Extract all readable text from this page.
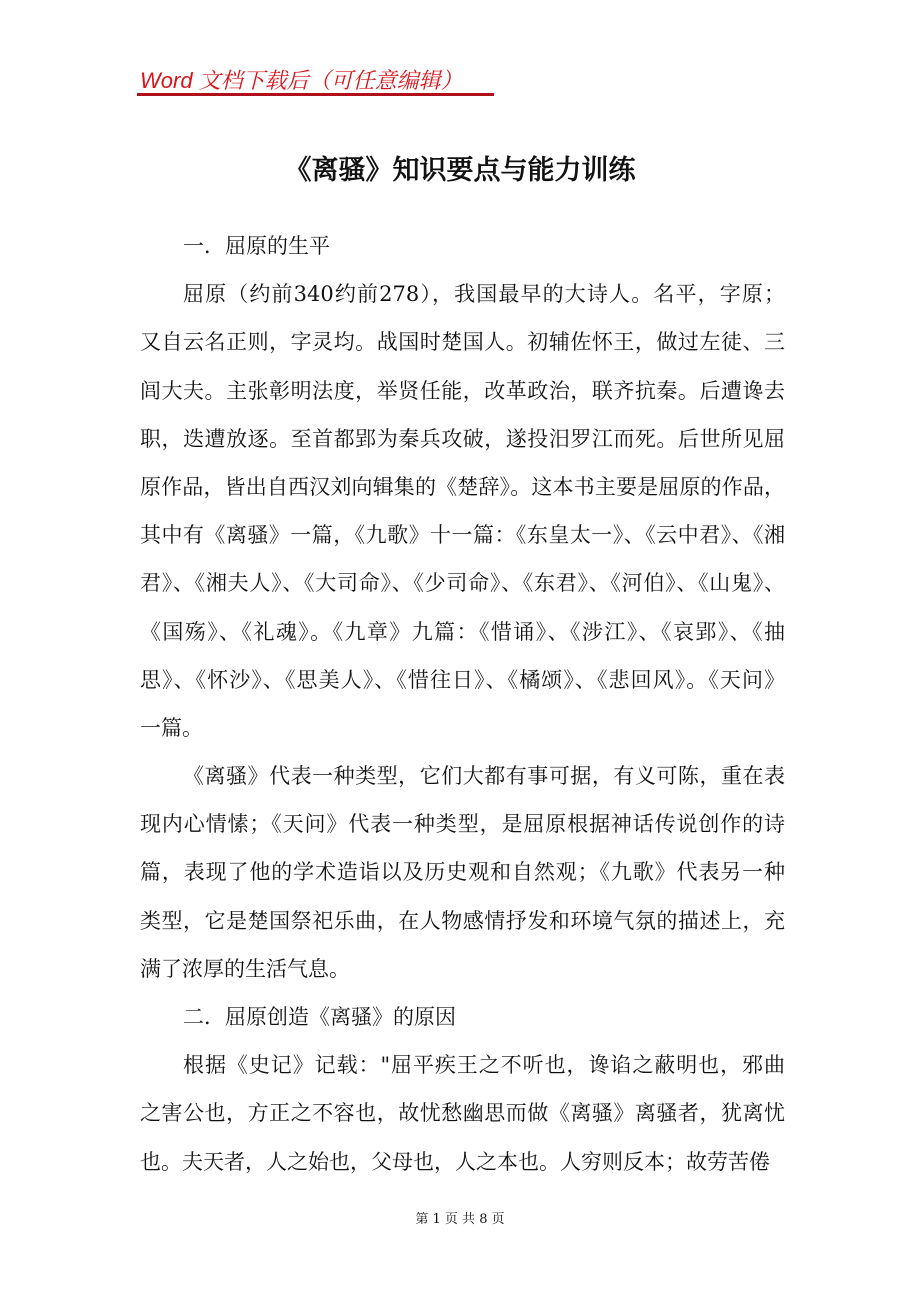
Word 文档下载后（可任意编辑）
《离骚》知识要点与能力训练
一．屈原的生平
屈原（约前340约前278），我国最早的大诗人。名平，字原；
又自云名正则，字灵均。战国时楚国人。初辅佐怀王，做过左徒、三
闾大夫。主张彰明法度，举贤任能，改革政治，联齐抗秦。后遭谗去
职，迭遭放逐。至首都郢为秦兵攻破，遂投汨罗江而死。后世所见屈
原作品，皆出自西汉刘向辑集的《楚辞》。这本书主要是屈原的作品，
其中有《离骚》一篇，《九歌》十一篇：《东皇太一》、《云中君》、《湘
君》、《湘夫人》、《大司命》、《少司命》、《东君》、《河伯》、《山鬼》、
《国殇》、《礼魂》。《九章》九篇：《惜诵》、《涉江》、《哀郢》、《抽
思》、《怀沙》、《思美人》、《惜往日》、《橘颂》、《悲回风》。《天问》
一篇。
《离骚》代表一种类型，它们大都有事可据，有义可陈，重在表
现内心情愫；《天问》代表一种类型，是屈原根据神话传说创作的诗
篇，表现了他的学术造诣以及历史观和自然观；《九歌》代表另一种
类型，它是楚国祭祀乐曲，在人物感情抒发和环境气氛的描述上，充
满了浓厚的生活气息。
二．屈原创造《离骚》的原因
根据《史记》记载："屈平疾王之不听也，谗谄之蔽明也，邪曲
之害公也，方正之不容也，故忧愁幽思而做《离骚》离骚者，犹离忧
也。夫天者，人之始也，父母也，人之本也。人穷则反本；故劳苦倦
第 1 页 共 8 页
